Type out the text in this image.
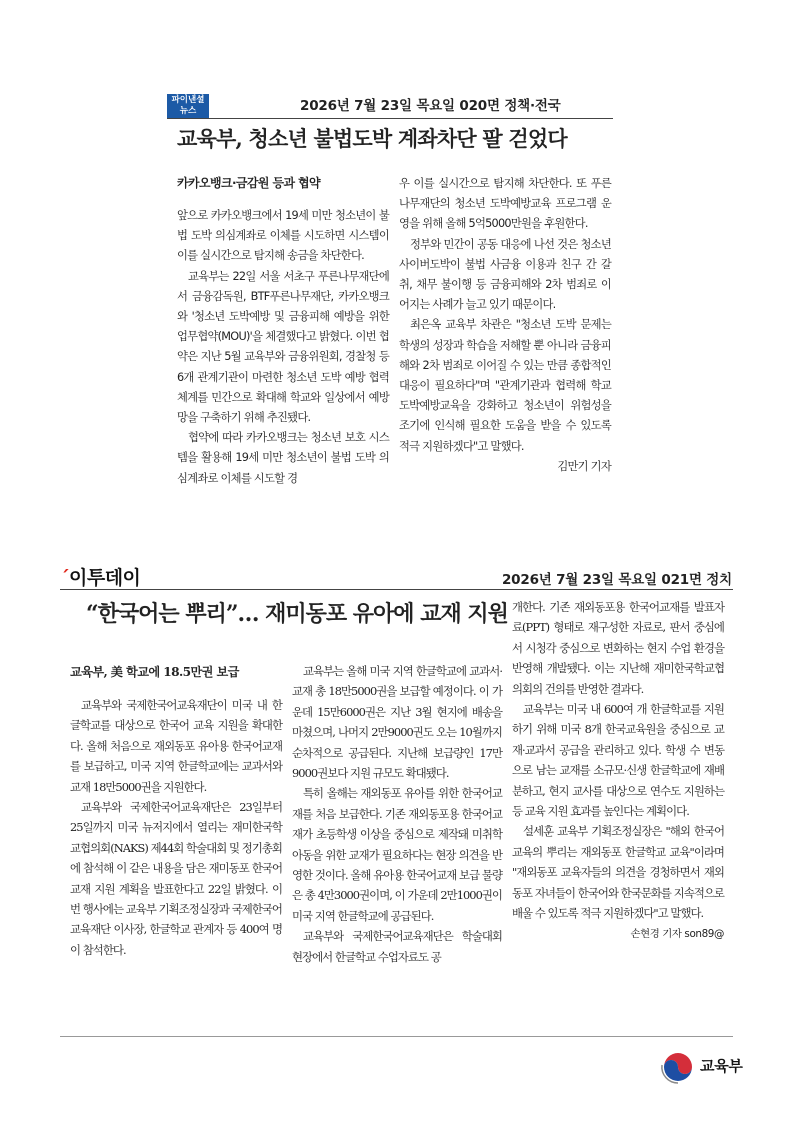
파이낸셜
뉴스	2026년 7월 23일 목요일 020면 정책·전국
교육부, 청소년 불법도박 계좌차단 팔 걷었다
카카오뱅크·금감원 등과 협약

앞으로 카카오뱅크에서 19세 미만 청소년이 불법 도박 의심계좌로 이체를 시도하면 시스템이 이를 실시간으로 탐지해 송금을 차단한다.

교육부는 22일 서울 서초구 푸른나무재단에서 금융감독원, BTF푸른나무재단, 카카오뱅크와 '청소년 도박예방 및 금융피해 예방을 위한 업무협약(MOU)'을 체결했다고 밝혔다. 이번 협약은 지난 5월 교육부와 금융위원회, 경찰청 등 6개 관계기관이 마련한 청소년 도박 예방 협력체계를 민간으로 확대해 학교와 일상에서 예방망을 구축하기 위해 추진됐다.

협약에 따라 카카오뱅크는 청소년 보호 시스템을 활용해 19세 미만 청소년이 불법 도박 의심계좌로 이체를 시도할 경

우 이를 실시간으로 탐지해 차단한다. 또 푸른나무재단의 청소년 도박예방교육 프로그램 운영을 위해 올해 5억5000만원을 후원한다.

정부와 민간이 공동 대응에 나선 것은 청소년 사이버도박이 불법 사금융 이용과 친구 간 갈취, 채무 불이행 등 금융피해와 2차 범죄로 이어지는 사례가 늘고 있기 때문이다.

최은옥 교육부 차관은 "청소년 도박 문제는 학생의 성장과 학습을 저해할 뿐 아니라 금융피해와 2차 범죄로 이어질 수 있는 만큼 종합적인 대응이 필요하다"며 "관계기관과 협력해 학교 도박예방교육을 강화하고 청소년이 위험성을 조기에 인식해 필요한 도움을 받을 수 있도록 적극 지원하겠다"고 말했다.

김만기 기자

ˊ이투데이	2026년 7월 23일 목요일 021면 정치
“한국어는 뿌리”… 재미동포 유아에 교재 지원
교육부, 美 학교에 18.5만권 보급

교육부와 국제한국어교육재단이 미국 내 한글학교를 대상으로 한국어 교육 지원을 확대한다. 올해 처음으로 재외동포 유아용 한국어교재를 보급하고, 미국 지역 한글학교에는 교과서와 교재 18만5000권을 지원한다.

교육부와 국제한국어교육재단은 23일부터 25일까지 미국 뉴저지에서 열리는 재미한국학교협의회(NAKS) 제44회 학술대회 및 정기총회에 참석해 이 같은 내용을 담은 재미동포 한국어교재 지원 계획을 발표한다고 22일 밝혔다. 이번 행사에는 교육부 기획조정실장과 국제한국어교육재단 이사장, 한글학교 관계자 등 400여 명이 참석한다.

교육부는 올해 미국 지역 한글학교에 교과서·교재 총 18만5000권을 보급할 예정이다. 이 가운데 15만6000권은 지난 3월 현지에 배송을 마쳤으며, 나머지 2만9000권도 오는 10월까지 순차적으로 공급된다. 지난해 보급량인 17만9000권보다 지원 규모도 확대됐다.

특히 올해는 재외동포 유아를 위한 한국어교재를 처음 보급한다. 기존 재외동포용 한국어교재가 초등학생 이상을 중심으로 제작돼 미취학 아동을 위한 교재가 필요하다는 현장 의견을 반영한 것이다. 올해 유아용 한국어교재 보급 물량은 총 4만3000권이며, 이 가운데 2만1000권이 미국 지역 한글학교에 공급된다.

교육부와 국제한국어교육재단은 학술대회 현장에서 한글학교 수업자료도 공

개한다. 기존 재외동포용 한국어교재를 발표자료(PPT) 형태로 재구성한 자료로, 판서 중심에서 시청각 중심으로 변화하는 현지 수업 환경을 반영해 개발됐다. 이는 지난해 재미한국학교협의회의 건의를 반영한 결과다.

교육부는 미국 내 600여 개 한글학교를 지원하기 위해 미국 8개 한국교육원을 중심으로 교재·교과서 공급을 관리하고 있다. 학생 수 변동으로 남는 교재를 소규모·신생 한글학교에 재배분하고, 현지 교사를 대상으로 연수도 지원하는 등 교육 지원 효과를 높인다는 계획이다.

설세훈 교육부 기획조정실장은 "해외 한국어교육의 뿌리는 재외동포 한글학교 교육"이라며 "재외동포 교육자들의 의견을 경청하면서 재외동포 자녀들이 한국어와 한국문화를 지속적으로 배울 수 있도록 적극 지원하겠다"고 말했다.

손현경 기자 son89@

교육부
